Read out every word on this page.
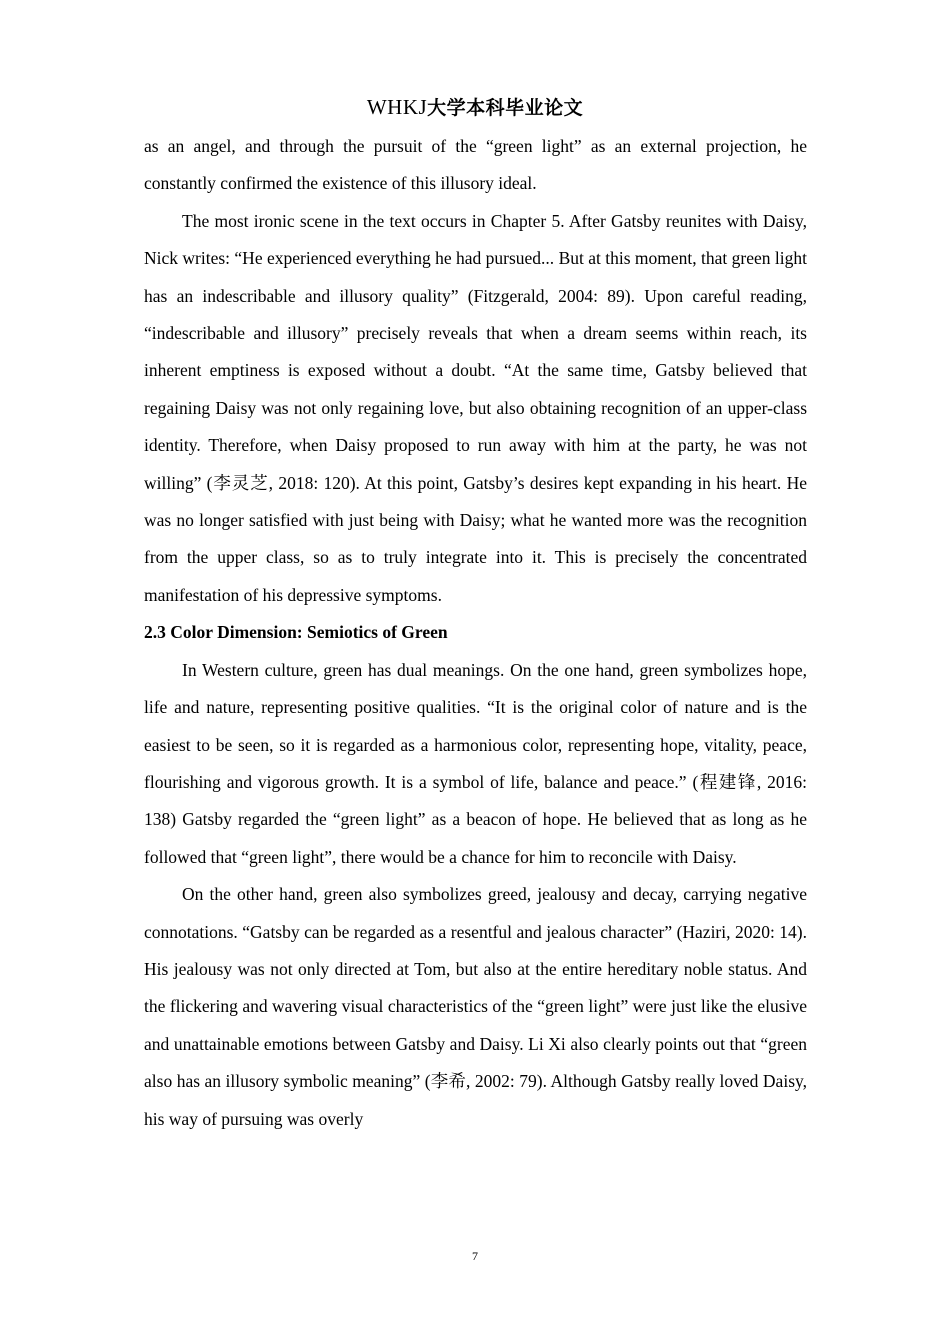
WHKJ大学本科毕业论文

as an angel, and through the pursuit of the “green light” as an external projection, he constantly confirmed the existence of this illusory ideal.

The most ironic scene in the text occurs in Chapter 5. After Gatsby reunites with Daisy, Nick writes: “He experienced everything he had pursued... But at this moment, that green light has an indescribable and illusory quality” (Fitzgerald, 2004: 89). Upon careful reading, “indescribable and illusory” precisely reveals that when a dream seems within reach, its inherent emptiness is exposed without a doubt. “At the same time, Gatsby believed that regaining Daisy was not only regaining love, but also obtaining recognition of an upper-class identity. Therefore, when Daisy proposed to run away with him at the party, he was not willing” (李灵芝, 2018: 120). At this point, Gatsby’s desires kept expanding in his heart. He was no longer satisfied with just being with Daisy; what he wanted more was the recognition from the upper class, so as to truly integrate into it. This is precisely the concentrated manifestation of his depressive symptoms.

2.3 Color Dimension: Semiotics of Green

In Western culture, green has dual meanings. On the one hand, green symbolizes hope, life and nature, representing positive qualities. “It is the original color of nature and is the easiest to be seen, so it is regarded as a harmonious color, representing hope, vitality, peace, flourishing and vigorous growth. It is a symbol of life, balance and peace.” (程建锋, 2016: 138) Gatsby regarded the “green light” as a beacon of hope. He believed that as long as he followed that “green light”, there would be a chance for him to reconcile with Daisy.

On the other hand, green also symbolizes greed, jealousy and decay, carrying negative connotations. “Gatsby can be regarded as a resentful and jealous character” (Haziri, 2020: 14). His jealousy was not only directed at Tom, but also at the entire hereditary noble status. And the flickering and wavering visual characteristics of the “green light” were just like the elusive and unattainable emotions between Gatsby and Daisy. Li Xi also clearly points out that “green also has an illusory symbolic meaning” (李希, 2002: 79). Although Gatsby really loved Daisy, his way of pursuing was overly

7
